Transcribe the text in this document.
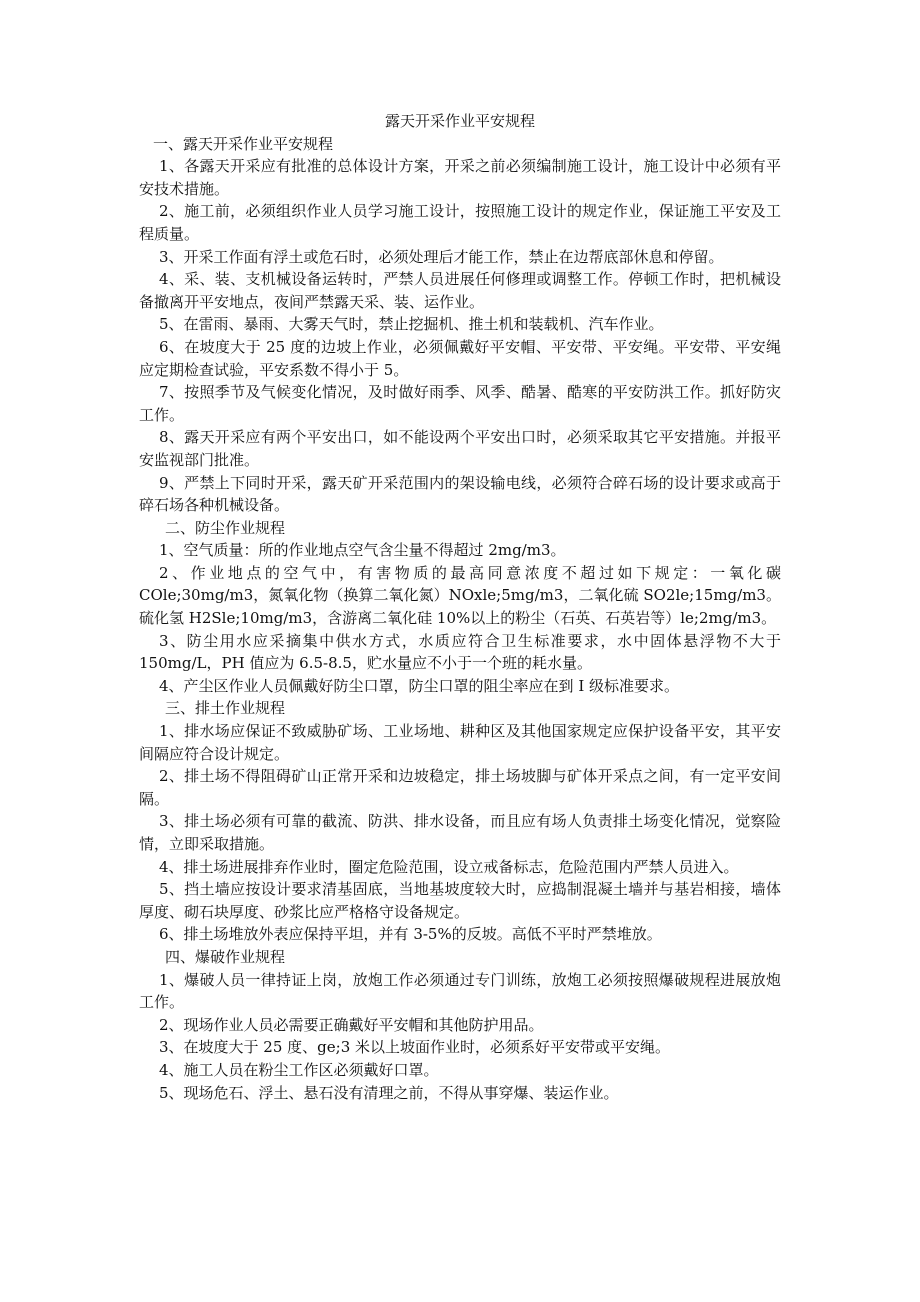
露天开采作业平安规程

一、露天开采作业平安规程

1、各露天开采应有批准的总体设计方案，开采之前必须编制施工设计，施工设计中必须有平安技术措施。

2、施工前，必须组织作业人员学习施工设计，按照施工设计的规定作业，保证施工平安及工程质量。

3、开采工作面有浮土或危石时，必须处理后才能工作，禁止在边帮底部休息和停留。

4、采、装、支机械设备运转时，严禁人员进展任何修理或调整工作。停顿工作时，把机械设备撤离开平安地点，夜间严禁露天采、装、运作业。

5、在雷雨、暴雨、大雾天气时，禁止挖掘机、推土机和装载机、汽车作业。

6、在坡度大于 25 度的边坡上作业，必须佩戴好平安帽、平安带、平安绳。平安带、平安绳应定期检查试验，平安系数不得小于 5。

7、按照季节及气候变化情况，及时做好雨季、风季、酷暑、酷寒的平安防洪工作。抓好防灾工作。

8、露天开采应有两个平安出口，如不能设两个平安出口时，必须采取其它平安措施。并报平安监视部门批准。

9、严禁上下同时开采，露天矿开采范围内的架设输电线，必须符合碎石场的设计要求或高于碎石场各种机械设备。

二、防尘作业规程

1、空气质量：所的作业地点空气含尘量不得超过 2mg/m3。

2、作业地点的空气中，有害物质的最高同意浓度不超过如下规定：一氧化碳 COle;30mg/m3，氮氧化物（换算二氧化氮）NOxle;5mg/m3，二氧化硫 SO2le;15mg/m3。硫化氢 H2Sle;10mg/m3，含游离二氧化硅 10%以上的粉尘（石英、石英岩等）le;2mg/m3。

3、防尘用水应采摘集中供水方式，水质应符合卫生标准要求，水中固体悬浮物不大于 150mg/L，PH 值应为 6.5-8.5，贮水量应不小于一个班的耗水量。

4、产尘区作业人员佩戴好防尘口罩，防尘口罩的阻尘率应在到 I 级标准要求。

三、排土作业规程

1、排水场应保证不致威胁矿场、工业场地、耕种区及其他国家规定应保护设备平安，其平安间隔应符合设计规定。

2、排土场不得阻碍矿山正常开采和边坡稳定，排土场坡脚与矿体开采点之间，有一定平安间隔。

3、排土场必须有可靠的截流、防洪、排水设备，而且应有场人负责排土场变化情况，觉察险情，立即采取措施。

4、排土场进展排弃作业时，圈定危险范围，设立戒备标志，危险范围内严禁人员进入。

5、挡土墙应按设计要求清基固底，当地基坡度较大时，应捣制混凝土墙并与基岩相接，墙体厚度、砌石块厚度、砂浆比应严格格守设备规定。

6、排土场堆放外表应保持平坦，并有 3-5%的反坡。高低不平时严禁堆放。

四、爆破作业规程

1、爆破人员一律持证上岗，放炮工作必须通过专门训练，放炮工必须按照爆破规程进展放炮工作。

2、现场作业人员必需要正确戴好平安帽和其他防护用品。

3、在坡度大于 25 度、ge;3 米以上坡面作业时，必须系好平安带或平安绳。

4、施工人员在粉尘工作区必须戴好口罩。

5、现场危石、浮土、悬石没有清理之前，不得从事穿爆、装运作业。
